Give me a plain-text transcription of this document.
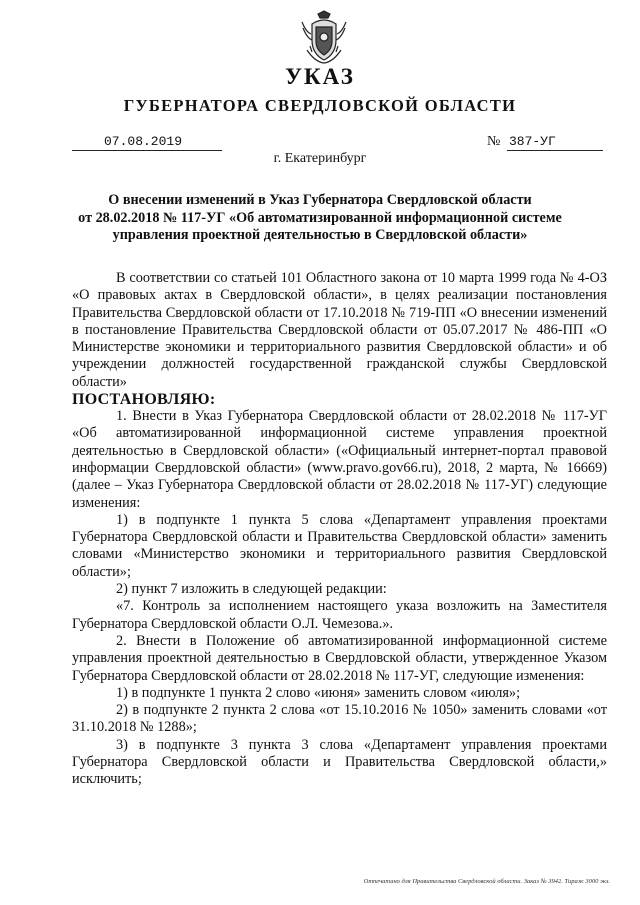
УКАЗ
ГУБЕРНАТОРА СВЕРДЛОВСКОЙ ОБЛАСТИ
07.08.2019	№ 387-УГ
г. Екатеринбург
О внесении изменений в Указ Губернатора Свердловской области
от 28.02.2018 № 117-УГ «Об автоматизированной информационной системе
управления проектной деятельностью в Свердловской области»

В соответствии со статьей 101 Областного закона от 10 марта 1999 года № 4-ОЗ «О правовых актах в Свердловской области», в целях реализации постановления Правительства Свердловской области от 17.10.2018 № 719-ПП «О внесении изменений в постановление Правительства Свердловской области от 05.07.2017 № 486-ПП «О Министерстве экономики и территориального развития Свердловской области» и об учреждении должностей государственной гражданской службы Свердловской области»

ПОСТАНОВЛЯЮ:

1. Внести в Указ Губернатора Свердловской области от 28.02.2018 № 117-УГ «Об автоматизированной информационной системе управления проектной деятельностью в Свердловской области» («Официальный интернет-портал правовой информации Свердловской области» (www.pravo.gov66.ru), 2018, 2 марта, № 16669) (далее – Указ Губернатора Свердловской области от 28.02.2018 № 117-УГ) следующие изменения:

1) в подпункте 1 пункта 5 слова «Департамент управления проектами Губернатора Свердловской области и Правительства Свердловской области» заменить словами «Министерство экономики и территориального развития Свердловской области»;

2) пункт 7 изложить в следующей редакции:

«7. Контроль за исполнением настоящего указа возложить на Заместителя Губернатора Свердловской области О.Л. Чемезова.».

2. Внести в Положение об автоматизированной информационной системе управления проектной деятельностью в Свердловской области, утвержденное Указом Губернатора Свердловской области от 28.02.2018 № 117-УГ, следующие изменения:

1) в подпункте 1 пункта 2 слово «июня» заменить словом «июля»;

2) в подпункте 2 пункта 2 слова «от 15.10.2016 № 1050» заменить словами «от 31.10.2018 № 1288»;

3) в подпункте 3 пункта 3 слова «Департамент управления проектами Губернатора Свердловской области и Правительства Свердловской области,» исключить;

Отпечатано для Правительства Свердловской области. Заказ № 3942. Тираж 3000 экз.
